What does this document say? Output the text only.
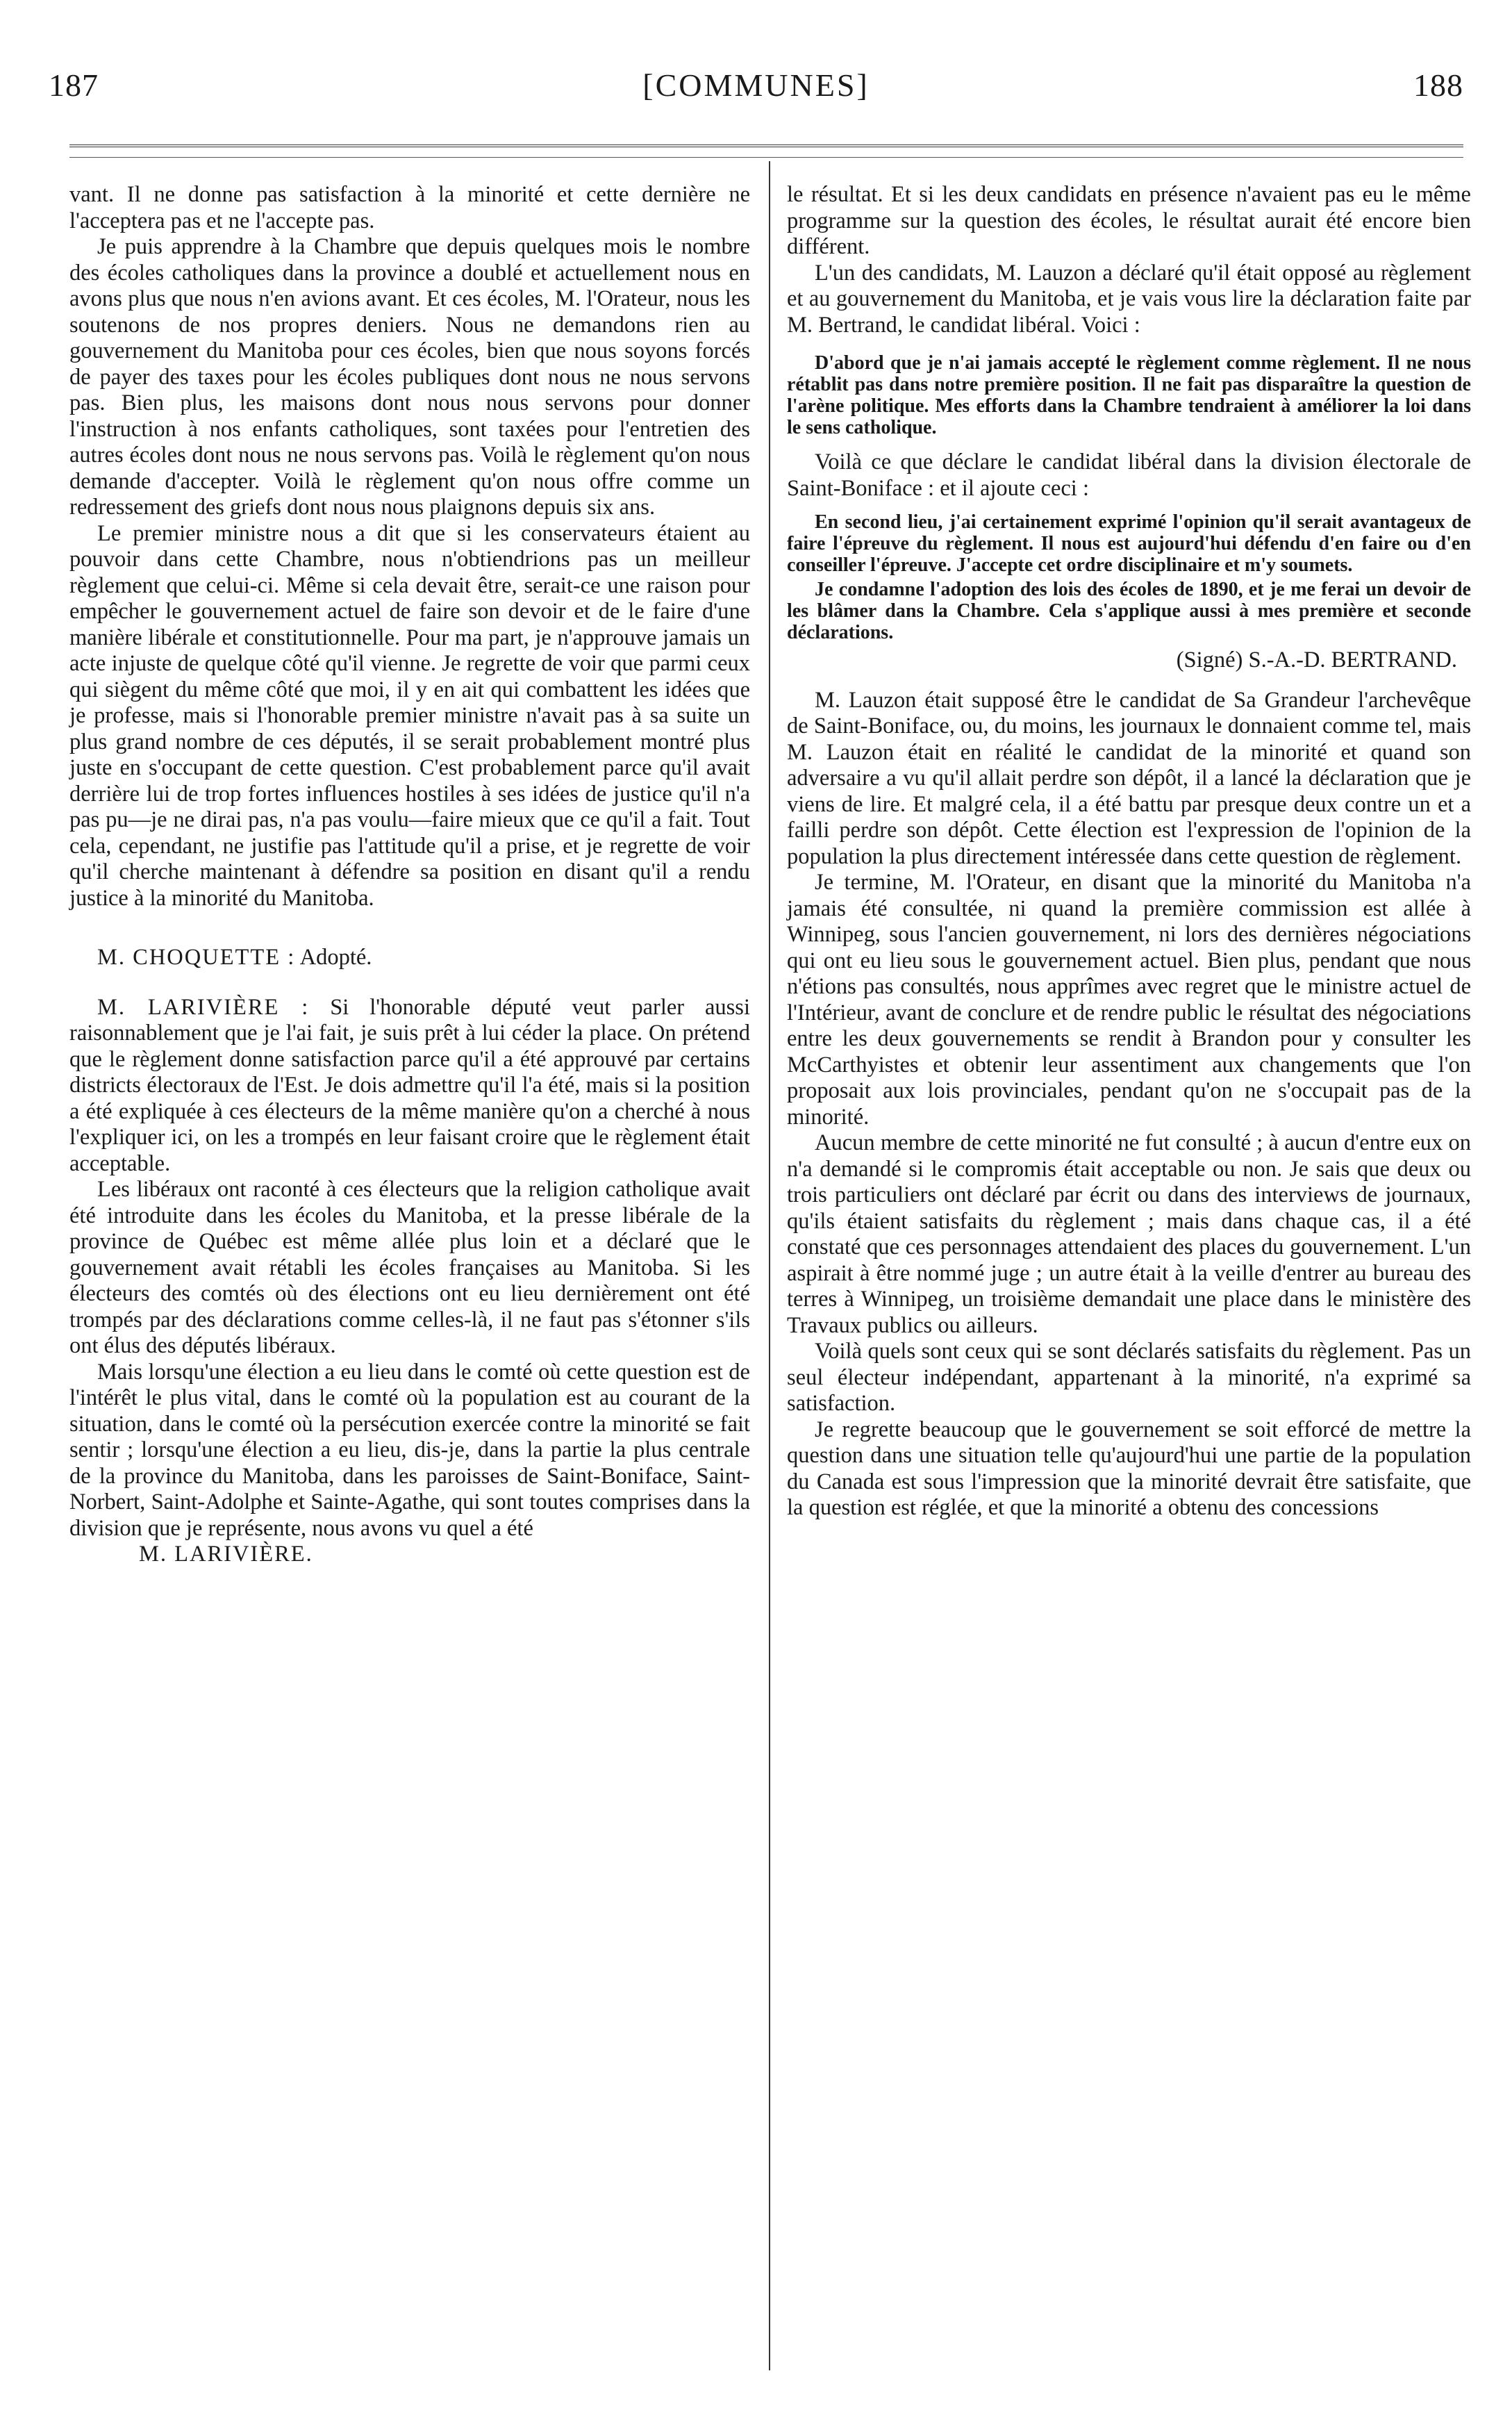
187	[COMMUNES]	188

vant. Il ne donne pas satisfaction à la minorité et cette dernière ne l'acceptera pas et ne l'accepte pas.

Je puis apprendre à la Chambre que depuis quelques mois le nombre des écoles catholiques dans la province a doublé et actuellement nous en avons plus que nous n'en avions avant. Et ces écoles, M. l'Orateur, nous les soutenons de nos propres deniers. Nous ne demandons rien au gouvernement du Manitoba pour ces écoles, bien que nous soyons forcés de payer des taxes pour les écoles publiques dont nous ne nous servons pas. Bien plus, les maisons dont nous nous servons pour donner l'instruction à nos enfants catholiques, sont taxées pour l'entretien des autres écoles dont nous ne nous servons pas. Voilà le règlement qu'on nous demande d'accepter. Voilà le règlement qu'on nous offre comme un redressement des griefs dont nous nous plaignons depuis six ans.

Le premier ministre nous a dit que si les conservateurs étaient au pouvoir dans cette Chambre, nous n'obtiendrions pas un meilleur règlement que celui-ci. Même si cela devait être, serait-ce une raison pour empêcher le gouvernement actuel de faire son devoir et de le faire d'une manière libérale et constitutionnelle. Pour ma part, je n'approuve jamais un acte injuste de quelque côté qu'il vienne. Je regrette de voir que parmi ceux qui siègent du même côté que moi, il y en ait qui combattent les idées que je professe, mais si l'honorable premier ministre n'avait pas à sa suite un plus grand nombre de ces députés, il se serait probablement montré plus juste en s'occupant de cette question. C'est probablement parce qu'il avait derrière lui de trop fortes influences hostiles à ses idées de justice qu'il n'a pas pu—je ne dirai pas, n'a pas voulu—faire mieux que ce qu'il a fait. Tout cela, cependant, ne justifie pas l'attitude qu'il a prise, et je regrette de voir qu'il cherche maintenant à défendre sa position en disant qu'il a rendu justice à la minorité du Manitoba.

M. CHOQUETTE : Adopté.

M. LARIVIÈRE : Si l'honorable député veut parler aussi raisonnablement que je l'ai fait, je suis prêt à lui céder la place. On prétend que le règlement donne satisfaction parce qu'il a été approuvé par certains districts électoraux de l'Est. Je dois admettre qu'il l'a été, mais si la position a été expliquée à ces électeurs de la même manière qu'on a cherché à nous l'expliquer ici, on les a trompés en leur faisant croire que le règlement était acceptable.

Les libéraux ont raconté à ces électeurs que la religion catholique avait été introduite dans les écoles du Manitoba, et la presse libérale de la province de Québec est même allée plus loin et a déclaré que le gouvernement avait rétabli les écoles françaises au Manitoba. Si les électeurs des comtés où des élections ont eu lieu dernièrement ont été trompés par des déclarations comme celles-là, il ne faut pas s'étonner s'ils ont élus des députés libéraux.

Mais lorsqu'une élection a eu lieu dans le comté où cette question est de l'intérêt le plus vital, dans le comté où la population est au courant de la situation, dans le comté où la persécution exercée contre la minorité se fait sentir ; lorsqu'une élection a eu lieu, dis-je, dans la partie la plus centrale de la province du Manitoba, dans les paroisses de Saint-Boniface, Saint-Norbert, Saint-Adolphe et Sainte-Agathe, qui sont toutes comprises dans la division que je représente, nous avons vu quel a été

M. LARIVIÈRE.

le résultat. Et si les deux candidats en présence n'avaient pas eu le même programme sur la question des écoles, le résultat aurait été encore bien différent.

L'un des candidats, M. Lauzon a déclaré qu'il était opposé au règlement et au gouvernement du Manitoba, et je vais vous lire la déclaration faite par M. Bertrand, le candidat libéral. Voici :

D'abord que je n'ai jamais accepté le règlement comme règlement. Il ne nous rétablit pas dans notre première position. Il ne fait pas disparaître la question de l'arène politique. Mes efforts dans la Chambre tendraient à améliorer la loi dans le sens catholique.

Voilà ce que déclare le candidat libéral dans la division électorale de Saint-Boniface : et il ajoute ceci :

En second lieu, j'ai certainement exprimé l'opinion qu'il serait avantageux de faire l'épreuve du règlement. Il nous est aujourd'hui défendu d'en faire ou d'en conseiller l'épreuve. J'accepte cet ordre disciplinaire et m'y soumets.

Je condamne l'adoption des lois des écoles de 1890, et je me ferai un devoir de les blâmer dans la Chambre. Cela s'applique aussi à mes première et seconde déclarations.

(Signé) S.-A.-D. BERTRAND.

M. Lauzon était supposé être le candidat de Sa Grandeur l'archevêque de Saint-Boniface, ou, du moins, les journaux le donnaient comme tel, mais M. Lauzon était en réalité le candidat de la minorité et quand son adversaire a vu qu'il allait perdre son dépôt, il a lancé la déclaration que je viens de lire. Et malgré cela, il a été battu par presque deux contre un et a failli perdre son dépôt. Cette élection est l'expression de l'opinion de la population la plus directement intéressée dans cette question de règlement.

Je termine, M. l'Orateur, en disant que la minorité du Manitoba n'a jamais été consultée, ni quand la première commission est allée à Winnipeg, sous l'ancien gouvernement, ni lors des dernières négociations qui ont eu lieu sous le gouvernement actuel. Bien plus, pendant que nous n'étions pas consultés, nous apprîmes avec regret que le ministre actuel de l'Intérieur, avant de conclure et de rendre public le résultat des négociations entre les deux gouvernements se rendit à Brandon pour y consulter les McCarthyistes et obtenir leur assentiment aux changements que l'on proposait aux lois provinciales, pendant qu'on ne s'occupait pas de la minorité.

Aucun membre de cette minorité ne fut consulté ; à aucun d'entre eux on n'a demandé si le compromis était acceptable ou non. Je sais que deux ou trois particuliers ont déclaré par écrit ou dans des interviews de journaux, qu'ils étaient satisfaits du règlement ; mais dans chaque cas, il a été constaté que ces personnages attendaient des places du gouvernement. L'un aspirait à être nommé juge ; un autre était à la veille d'entrer au bureau des terres à Winnipeg, un troisième demandait une place dans le ministère des Travaux publics ou ailleurs.

Voilà quels sont ceux qui se sont déclarés satisfaits du règlement. Pas un seul électeur indépendant, appartenant à la minorité, n'a exprimé sa satisfaction.

Je regrette beaucoup que le gouvernement se soit efforcé de mettre la question dans une situation telle qu'aujourd'hui une partie de la population du Canada est sous l'impression que la minorité devrait être satisfaite, que la question est réglée, et que la minorité a obtenu des concessions
